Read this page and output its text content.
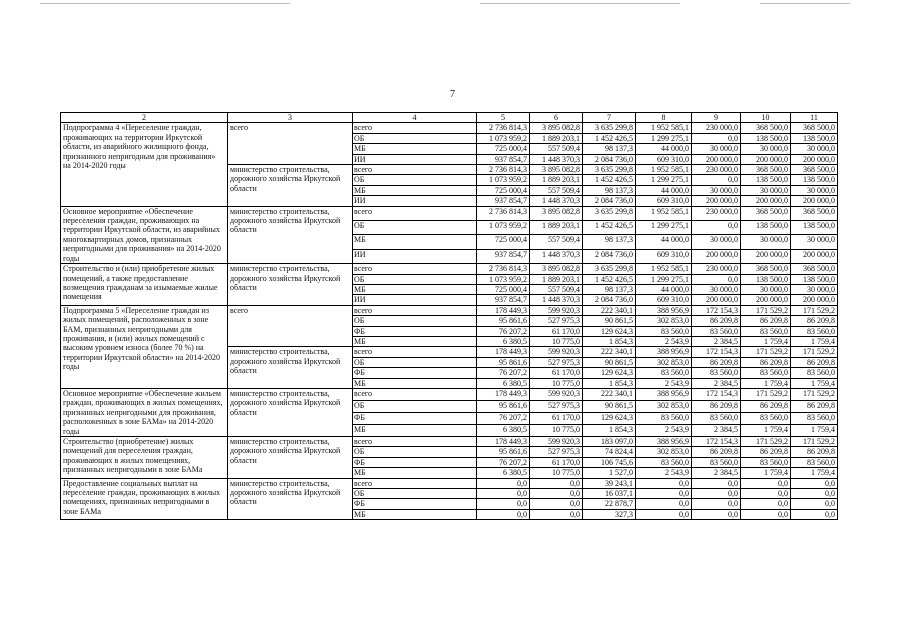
7
2	3	4	5	6	7	8	9	10	11
Подпрограмма 4 «Переселение граждан, проживающих на территории Иркутской области, из аварийного жилищного фонда, признанного непригодным для проживания» на 2014-2020 годы	всего	всего	2 736 814,3	3 895 082,8	3 635 299,8	1 952 585,1	230 000,0	368 500,0	368 500,0
		ОБ	1 073 959,2	1 889 203,1	1 452 426,5	1 299 275,1	0,0	138 500,0	138 500,0
		МБ	725 000,4	557 509,4	98 137,3	44 000,0	30 000,0	30 000,0	30 000,0
		ИИ	937 854,7	1 448 370,3	2 084 736,0	609 310,0	200 000,0	200 000,0	200 000,0
	министерство строительства, дорожного хозяйства Иркутской области	всего	2 736 814,3	3 895 082,8	3 635 299,8	1 952 585,1	230 000,0	368 500,0	368 500,0
		ОБ	1 073 959,2	1 889 203,1	1 452 426,5	1 299 275,1	0,0	138 500,0	138 500,0
		МБ	725 000,4	557 509,4	98 137,3	44 000,0	30 000,0	30 000,0	30 000,0
		ИИ	937 854,7	1 448 370,3	2 084 736,0	609 310,0	200 000,0	200 000,0	200 000,0
Основное мероприятие «Обеспечение переселения граждан, проживающих на территории Иркутской области, из аварийных многоквартирных домов, признанных непригодными для проживания» на 2014-2020 годы	министерство строительства, дорожного хозяйства Иркутской области	всего	2 736 814,3	3 895 082,8	3 635 299,8	1 952 585,1	230 000,0	368 500,0	368 500,0
		ОБ	1 073 959,2	1 889 203,1	1 452 426,5	1 299 275,1	0,0	138 500,0	138 500,0
		МБ	725 000,4	557 509,4	98 137,3	44 000,0	30 000,0	30 000,0	30 000,0
		ИИ	937 854,7	1 448 370,3	2 084 736,0	609 310,0	200 000,0	200 000,0	200 000,0
Строительство и (или) приобретение жилых помещений, а также предоставление возмещения гражданам за изымаемые жилые помещения	министерство строительства, дорожного хозяйства Иркутской области	всего	2 736 814,3	3 895 082,8	3 635 299,8	1 952 585,1	230 000,0	368 500,0	368 500,0
		ОБ	1 073 959,2	1 889 203,1	1 452 426,5	1 299 275,1	0,0	138 500,0	138 500,0
		МБ	725 000,4	557 509,4	98 137,3	44 000,0	30 000,0	30 000,0	30 000,0
		ИИ	937 854,7	1 448 370,3	2 084 736,0	609 310,0	200 000,0	200 000,0	200 000,0
Подпрограмма 5 «Переселение граждан из жилых помещений, расположенных в зоне БАМ, признанных непригодными для проживания, и (или) жилых помещений с высоким уровнем износа (более 70 %) на территории Иркутской области» на 2014-2020 годы	всего	всего	178 449,3	599 920,3	222 340,1	388 956,9	172 154,3	171 529,2	171 529,2
		ОБ	95 861,6	527 975,3	90 861,5	302 853,0	86 209,8	86 209,8	86 209,8
		ФБ	76 207,2	61 170,0	129 624,3	83 560,0	83 560,0	83 560,0	83 560,0
		МБ	6 380,5	10 775,0	1 854,3	2 543,9	2 384,5	1 759,4	1 759,4
	министерство строительства, дорожного хозяйства Иркутской области	всего	178 449,3	599 920,3	222 340,1	388 956,9	172 154,3	171 529,2	171 529,2
		ОБ	95 861,6	527 975,3	90 861,5	302 853,0	86 209,8	86 209,8	86 209,8
		ФБ	76 207,2	61 170,0	129 624,3	83 560,0	83 560,0	83 560,0	83 560,0
		МБ	6 380,5	10 775,0	1 854,3	2 543,9	2 384,5	1 759,4	1 759,4
Основное мероприятие «Обеспечение жильем граждан, проживающих в жилых помещениях, признанных непригодными для проживания, расположенных в зоне БАМа» на 2014-2020 годы	министерство строительства, дорожного хозяйства Иркутской области	всего	178 449,3	599 920,3	222 340,1	388 956,9	172 154,3	171 529,2	171 529,2
		ОБ	95 861,6	527 975,3	90 861,5	302 853,0	86 209,8	86 209,8	86 209,8
		ФБ	76 207,2	61 170,0	129 624,3	83 560,0	83 560,0	83 560,0	83 560,0
		МБ	6 380,5	10 775,0	1 854,3	2 543,9	2 384,5	1 759,4	1 759,4
Строительство (приобретение) жилых помещений для переселения граждан, проживающих в жилых помещениях, признанных непригодными в зоне БАМа	министерство строительства, дорожного хозяйства Иркутской области	всего	178 449,3	599 920,3	183 097,0	388 956,9	172 154,3	171 529,2	171 529,2
		ОБ	95 861,6	527 975,3	74 824,4	302 853,0	86 209,8	86 209,8	86 209,8
		ФБ	76 207,2	61 170,0	106 745,6	83 560,0	83 560,0	83 560,0	83 560,0
		МБ	6 380,5	10 775,0	1 527,0	2 543,9	2 384,5	1 759,4	1 759,4
Предоставление социальных выплат на переселение граждан, проживающих в жилых помещениях, признанных непригодными в зоне БАМа	министерство строительства, дорожного хозяйства Иркутской области	всего	0,0	0,0	39 243,1	0,0	0,0	0,0	0,0
		ОБ	0,0	0,0	16 037,1	0,0	0,0	0,0	0,0
		ФБ	0,0	0,0	22 878,7	0,0	0,0	0,0	0,0
		МБ	0,0	0,0	327,3	0,0	0,0	0,0	0,0
